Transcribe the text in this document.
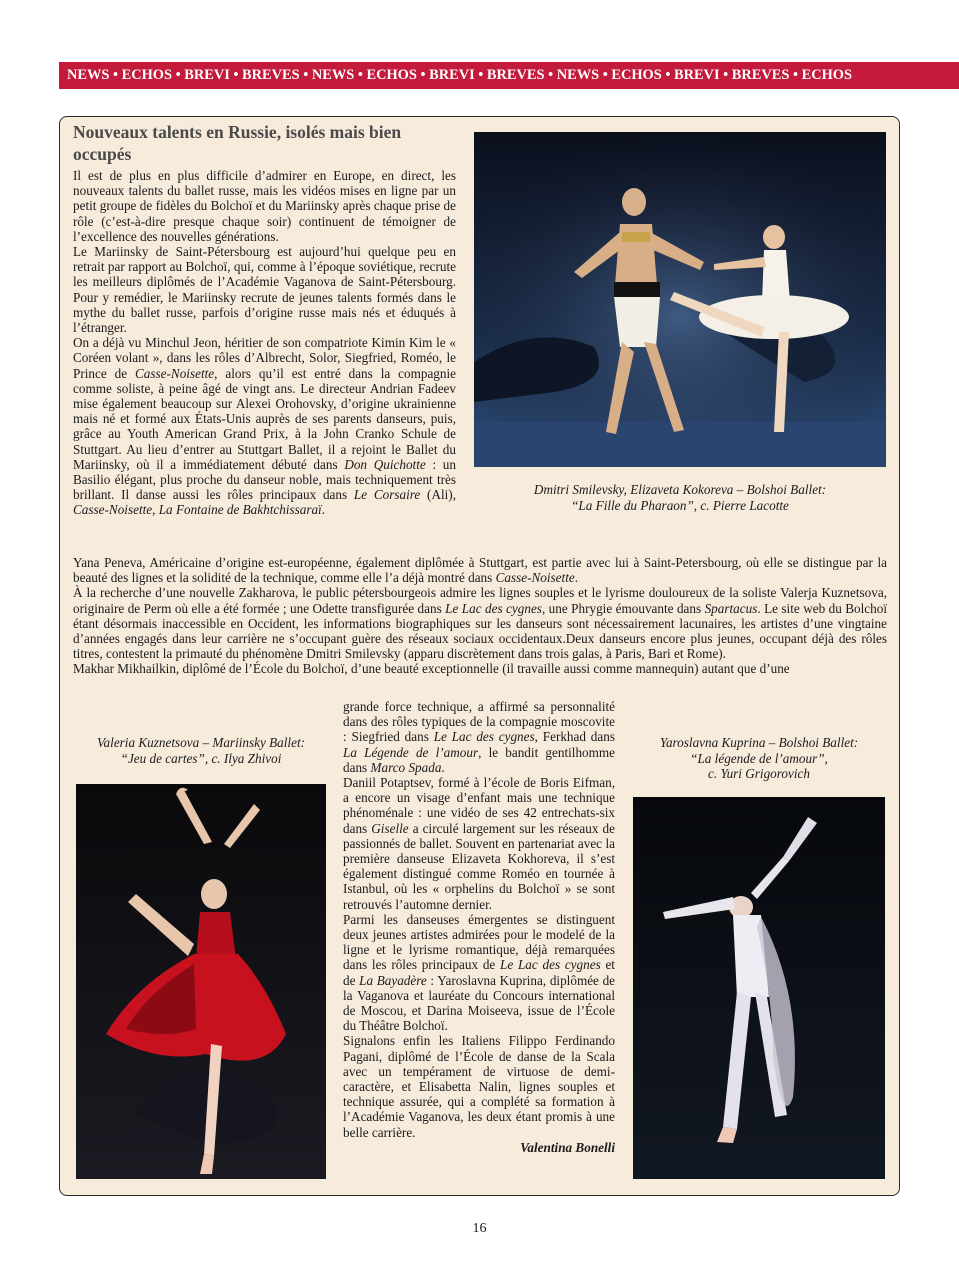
NEWS • ECHOS • BREVI • BREVES • NEWS • ECHOS • BREVI • BREVES • NEWS • ECHOS • BREVI • BREVES • ECHOS
Nouveaux talents en Russie, isolés mais bien occupés

Il est de plus en plus difficile d’admirer en Europe, en direct, les nouveaux talents du ballet russe, mais les vidéos mises en ligne par un petit groupe de fidèles du Bolchoï et du Mariinsky après chaque prise de rôle (c’est-à-dire presque chaque soir) continuent de témoigner de l’excellence des nouvelles générations.

Le Mariinsky de Saint-Pétersbourg est aujourd’hui quelque peu en retrait par rapport au Bolchoï, qui, comme à l’époque soviétique, recrute les meilleurs diplômés de l’Académie Vaganova de Saint-Pétersbourg. Pour y remédier, le Mariinsky recrute de jeunes talents formés dans le mythe du ballet russe, parfois d’origine russe mais nés et éduqués à l’étranger.

On a déjà vu Minchul Jeon, héritier de son compatriote Kimin Kim le « Coréen volant », dans les rôles d’Albrecht, Solor, Siegfried, Roméo, le Prince de Casse-Noisette, alors qu’il est entré dans la compagnie comme soliste, à peine âgé de vingt ans. Le directeur Andrian Fadeev mise également beaucoup sur Alexei Orohovsky, d’origine ukrainienne mais né et formé aux États-Unis auprès de ses parents danseurs, puis, grâce au Youth American Grand Prix, à la John Cranko Schule de Stuttgart. Au lieu d’entrer au Stuttgart Ballet, il a rejoint le Ballet du Mariinsky, où il a immédiatement débuté dans Don Quichotte : un Basilio élégant, plus proche du danseur noble, mais techniquement très brillant. Il danse aussi les rôles principaux dans Le Corsaire (Ali), Casse-Noisette, La Fontaine de Bakhtchissaraï.

Dmitri Smilevsky, Elizaveta Kokoreva – Bolshoi Ballet:
“La Fille du Pharaon”, c. Pierre Lacotte

Yana Peneva, Américaine d’origine est-européenne, également diplômée à Stuttgart, est partie avec lui à Saint-Petersbourg, où elle se distingue par la beauté des lignes et la solidité de la technique, comme elle l’a déjà montré dans Casse-Noisette.

À la recherche d’une nouvelle Zakharova, le public pétersbourgeois admire les lignes souples et le lyrisme douloureux de la soliste Valerja Kuznetsova, originaire de Perm où elle a été formée ; une Odette transfigurée dans Le Lac des cygnes, une Phrygie émouvante dans Spartacus. Le site web du Bolchoï étant désormais inaccessible en Occident, les informations biographiques sur les danseurs sont nécessairement lacunaires, les artistes d’une vingtaine d’années engagés dans leur carrière ne s’occupant guère des réseaux sociaux occidentaux.Deux danseurs encore plus jeunes, occupant déjà des rôles titres, contestent la primauté du phénomène Dmitri Smilevsky (apparu discrètement dans trois galas, à Paris, Bari et Rome).

Makhar Mikhailkin, diplômé de l’École du Bolchoï, d’une beauté exceptionnelle (il travaille aussi comme mannequin) autant que d’une

Valeria Kuznetsova – Mariinsky Ballet:
“Jeu de cartes”, c. Ilya Zhivoi

grande force technique, a affirmé sa personnalité dans des rôles typiques de la compagnie moscovite : Siegfried dans Le Lac des cygnes, Ferkhad dans La Légende de l’amour, le bandit gentilhomme dans Marco Spada.

Daniil Potaptsev, formé à l’école de Boris Eifman, a encore un visage d’enfant mais une technique phénoménale : une vidéo de ses 42 entrechats-six dans Giselle a circulé largement sur les réseaux de passionnés de ballet. Souvent en partenariat avec la première danseuse Elizaveta Kokhoreva, il s’est également distingué comme Roméo en tournée à Istanbul, où les « orphelins du Bolchoï » se sont retrouvés l’automne dernier.

Parmi les danseuses émergentes se distinguent deux jeunes artistes admirées pour le modelé de la ligne et le lyrisme romantique, déjà remarquées dans les rôles principaux de Le Lac des cygnes et de La Bayadère : Yaroslavna Kuprina, diplômée de la Vaganova et lauréate du Concours international de Moscou, et Darina Moiseeva, issue de l’École du Théâtre Bolchoï.

Signalons enfin les Italiens Filippo Ferdinando Pagani, diplômé de l’École de danse de la Scala avec un tempérament de virtuose de demi-caractère, et Elisabetta Nalin, lignes souples et technique assurée, qui a complété sa formation à l’Académie Vaganova, les deux étant promis à une belle carrière.

Valentina Bonelli

Yaroslavna Kuprina – Bolshoi Ballet:
“La légende de l’amour”,
c. Yuri Grigorovich
16
